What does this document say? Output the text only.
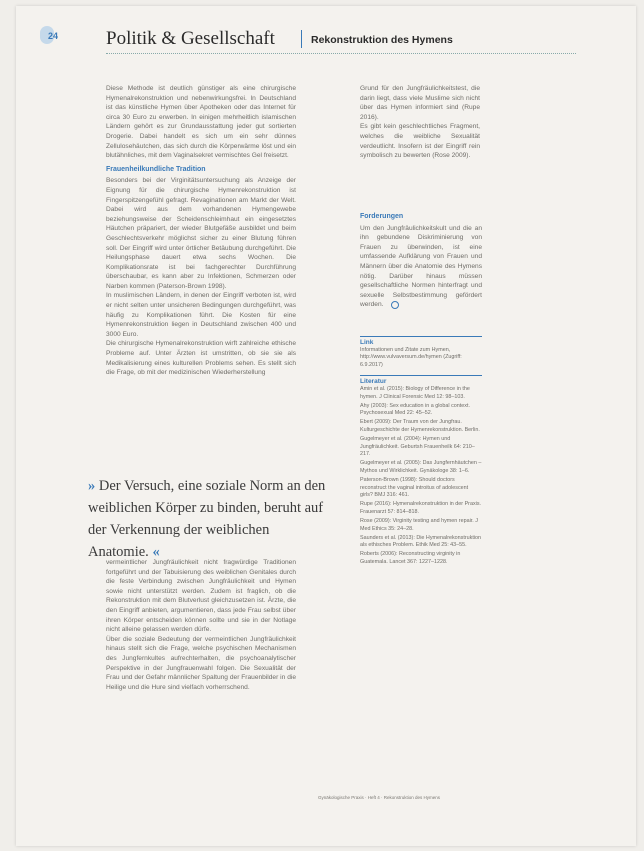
24	Politik & Gesellschaft	Rekonstruktion des Hymens

Diese Methode ist deutlich günstiger als eine chirurgische Hymenalrekonstruktion und nebenwirkungsfrei. In Deutschland ist das künstliche Hymen über Apotheken oder das Internet für circa 30 Euro zu erwerben. In einigen mehrheitlich islamischen Ländern gehört es zur Grundausstattung jeder gut sortierten Drogerie. Dabei handelt es sich um ein sehr dünnes Zellulosehäutchen, das sich durch die Körperwärme löst und ein blutähnliches, mit dem Vaginalsekret vermischtes Gel freisetzt.

Frauenheilkundliche Tradition

Besonders bei der Virginitätsuntersuchung als Anzeige der Eignung für die chirurgische Hymenrekonstruktion ist Fingerspitzengefühl gefragt. Revaginationen am Markt der Welt. Dabei wird aus dem vorhandenen Hymengewebe beziehungsweise der Scheidenschleimhaut ein eingesetztes Häutchen präpariert, der wieder Blutgefäße ausbildet und beim Geschlechtsverkehr möglichst sicher zu einer Blutung führen soll. Der Eingriff wird unter örtlicher Betäubung durchgeführt. Die Heilungsphase dauert etwa sechs Wochen. Die Komplikationsrate ist bei fachgerechter Durchführung überschaubar, es kann aber zu Infektionen, Schmerzen oder Narben kommen (Paterson-Brown 1998).

In muslimischen Ländern, in denen der Eingriff verboten ist, wird er nicht selten unter unsicheren Bedingungen durchgeführt, was häufig zu Komplikationen führt. Die Kosten für eine Hymenrekonstruktion liegen in Deutschland zwischen 400 und 3000 Euro.

Die chirurgische Hymenalrekonstruktion wirft zahlreiche ethische Probleme auf. Unter Ärzten ist umstritten, ob sie sie als Medikalisierung eines kulturellen Problems sehen. Es stellt sich die Frage, ob mit der medizinischen Wiederherstellung

» Der Versuch, eine soziale Norm an den weiblichen Körper zu binden, beruht auf der Verkennung der weiblichen Anatomie. «

vermeintlicher Jungfräulichkeit nicht fragwürdige Traditionen fortgeführt und der Tabuisierung des weiblichen Genitales durch die feste Verbindung zwischen Jungfräulichkeit und Hymen sowie nicht unterstützt werden. Zudem ist fraglich, ob die Rekonstruktion mit dem Blutverlust gleichzusetzen ist. Ärzte, die den Eingriff anbieten, argumentieren, dass jede Frau selbst über ihren Körper entscheiden können sollte und sie in der Notlage nicht alleine gelassen werden dürfe.

Über die soziale Bedeutung der vermeintlichen Jungfräulichkeit hinaus stellt sich die Frage, welche psychischen Mechanismen des Jungfernkultes aufrechterhalten, die psychoanalytischer Perspektive in der Jungfrauenwahl folgen. Die Sexualität der Frau und der Gefahr männlicher Spaltung der Frauenbilder in die Heilige und die Hure sind vielfach vorherrschend.

Grund für den Jungfräulichkeitstest, die darin liegt, dass viele Muslime sich nicht über das Hymen informiert sind (Rupe 2016).

Es gibt kein geschlechtliches Fragment, welches die weibliche Sexualität verdeutlicht. Insofern ist der Eingriff rein symbolisch zu bewerten (Rose 2009).

Forderungen

Um den Jungfräulichkeitskult und die an ihn gebundene Diskriminierung von Frauen zu überwinden, ist eine umfassende Aufklärung von Frauen und Männern über die Anatomie des Hymens nötig. Darüber hinaus müssen gesellschaftliche Normen hinterfragt und sexuelle Selbstbestimmung gefördert werden.

Link
Informationen und Zitate zum Hymen, http://www.vulvaversum.de/hymen (Zugriff: 6.9.2017)
Literatur
Amin et al. (2015): Biology of Difference in the hymen. J Clinical Forensic Med 12: 98–103.
Ahy (2003): Sex education in a global context. Psychosexual Med 22: 45–52.
Ebert (2009): Der Traum von der Jungfrau. Kulturgeschichte der Hymenrekonstruktion. Berlin.
Gugelmeyer et al. (2004): Hymen und Jungfräulichkeit. Geburtsh Frauenheilk 64: 210–217.
Gugelmeyer et al. (2005): Das Jungfernhäutchen – Mythos und Wirklichkeit. Gynäkologe 38: 1–6.
Paterson-Brown (1998): Should doctors reconstruct the vaginal introitus of adolescent girls? BMJ 316: 461.
Rupe (2016): Hymenalrekonstruktion in der Praxis. Frauenarzt 57: 814–818.
Rose (2009): Virginity testing and hymen repair. J Med Ethics 35: 24–28.
Saunders et al. (2013): Die Hymenalrekonstruktion als ethisches Problem. Ethik Med 25: 43–55.
Roberts (2006): Reconstructing virginity in Guatemala. Lancet 367: 1227–1228.
Gynäkologische Praxis · Heft 4 · Rekonstruktion des Hymens
